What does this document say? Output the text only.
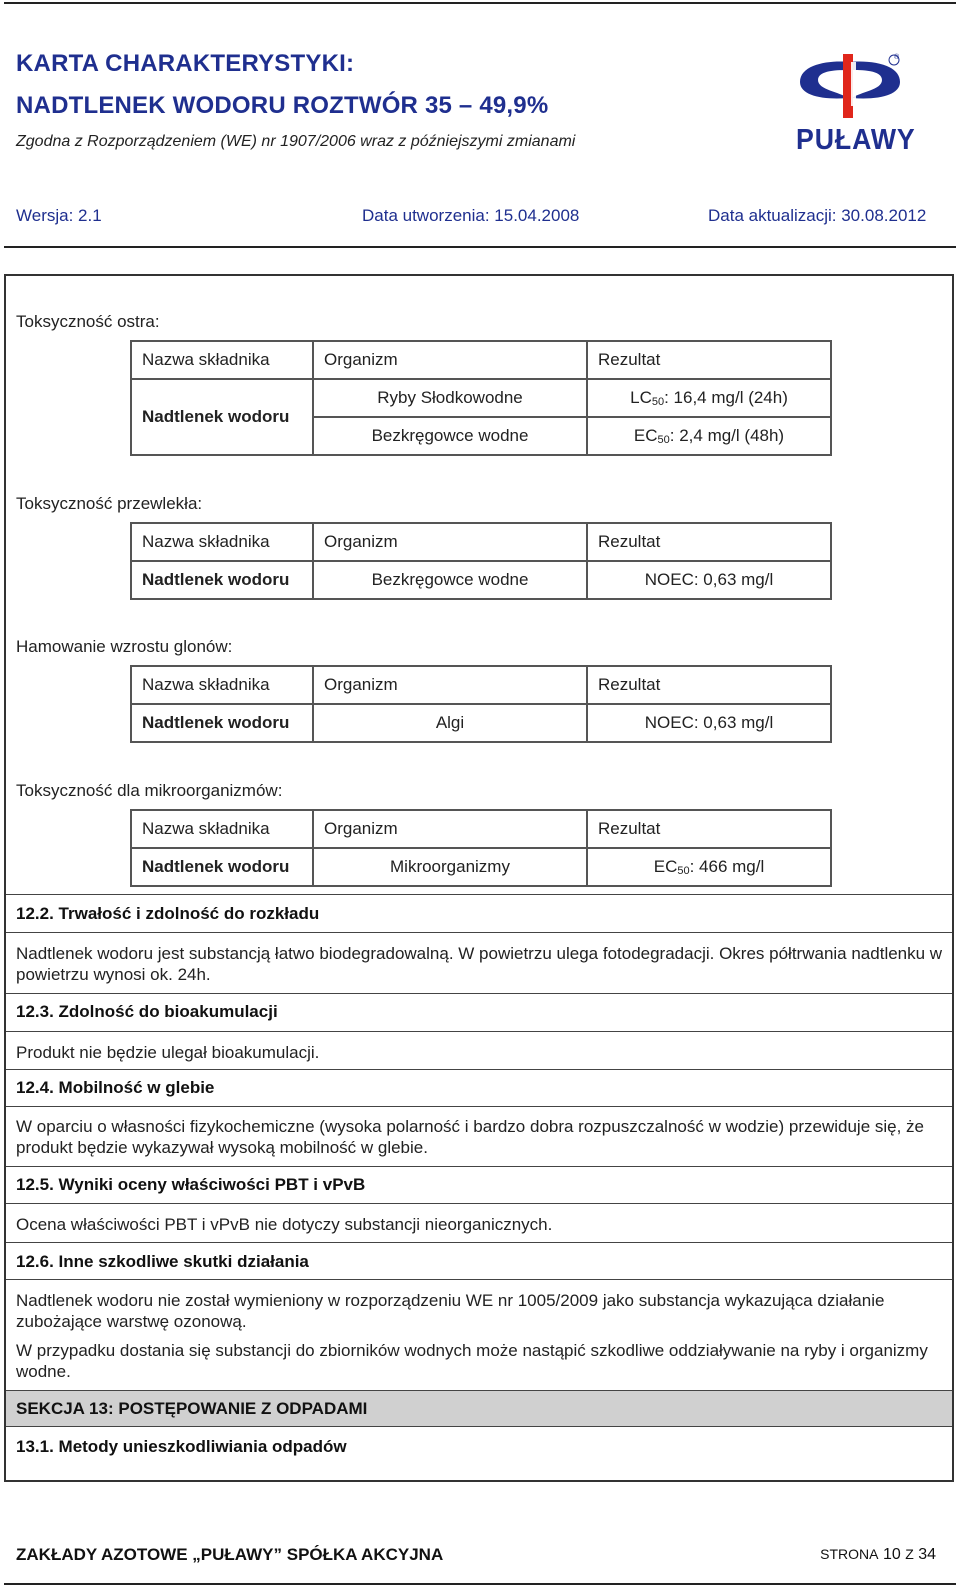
KARTA CHARAKTERYSTYKI:
NADTLENEK WODORU ROZTWÓR 35 – 49,9%
Zgodna z Rozporządzeniem (WE) nr 1907/2006 wraz z późniejszymi zmianami
®
PUŁAWY
Wersja: 2.1	Data utworzenia: 15.04.2008	Data aktualizacji: 30.08.2012
Toksyczność ostra:
Nazwa składnika	Organizm	Rezultat
Nadtlenek wodoru	Ryby Słodkowodne	$LC_{50}$: 16,4 mg/l (24h)
	Bezkręgowce wodne	$EC_{50}$: 2,4 mg/l (48h)
Toksyczność przewlekła:
Nazwa składnika	Organizm	Rezultat
Nadtlenek wodoru	Bezkręgowce wodne	NOEC: 0,63 mg/l
Hamowanie wzrostu glonów:
Nazwa składnika	Organizm	Rezultat
Nadtlenek wodoru	Algi	NOEC: 0,63 mg/l
Toksyczność dla mikroorganizmów:
Nazwa składnika	Organizm	Rezultat
Nadtlenek wodoru	Mikroorganizmy	$EC_{50}$: 466 mg/l
12.2. Trwałość i zdolność do rozkładu
Nadtlenek wodoru jest substancją łatwo biodegradowalną. W powietrzu ulega fotodegradacji. Okres półtrwania nadtlenku w powietrzu wynosi ok. 24h.
12.3. Zdolność do bioakumulacji
Produkt nie będzie ulegał bioakumulacji.
12.4. Mobilność w glebie
W oparciu o własności fizykochemiczne (wysoka polarność i bardzo dobra rozpuszczalność w wodzie) przewiduje się, że produkt będzie wykazywał wysoką mobilność w glebie.
12.5. Wyniki oceny właściwości PBT i vPvB
Ocena właściwości PBT i vPvB nie dotyczy substancji nieorganicznych.
12.6. Inne szkodliwe skutki działania
Nadtlenek wodoru nie został wymieniony w rozporządzeniu WE nr 1005/2009 jako substancja wykazująca działanie zubożające warstwę ozonową.
W przypadku dostania się substancji do zbiorników wodnych może nastąpić szkodliwe oddziaływanie na ryby i organizmy wodne.
SEKCJA 13: POSTĘPOWANIE Z ODPADAMI
13.1. Metody unieszkodliwiania odpadów
ZAKŁADY AZOTOWE „PUŁAWY” SPÓŁKA AKCYJNA	STRONA 10 Z 34
